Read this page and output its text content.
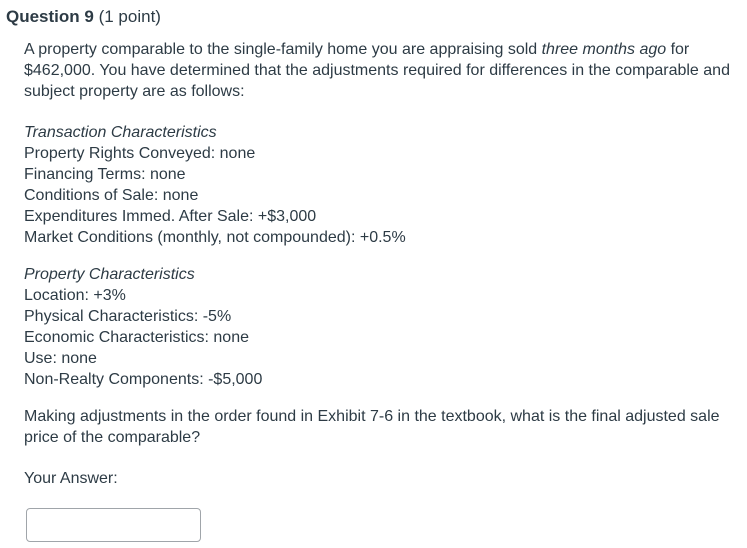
Question 9 (1 point)

A property comparable to the single-family home you are appraising sold three months ago for $462,000. You have determined that the adjustments required for differences in the comparable and subject property are as follows:

Transaction Characteristics
Property Rights Conveyed: none
Financing Terms: none
Conditions of Sale: none
Expenditures Immed. After Sale: +$3,000
Market Conditions (monthly, not compounded): +0.5%
Property Characteristics
Location: +3%
Physical Characteristics: -5%
Economic Characteristics: none
Use: none
Non-Realty Components: -$5,000

Making adjustments in the order found in Exhibit 7-6 in the textbook, what is the final adjusted sale price of the comparable?

Your Answer:
